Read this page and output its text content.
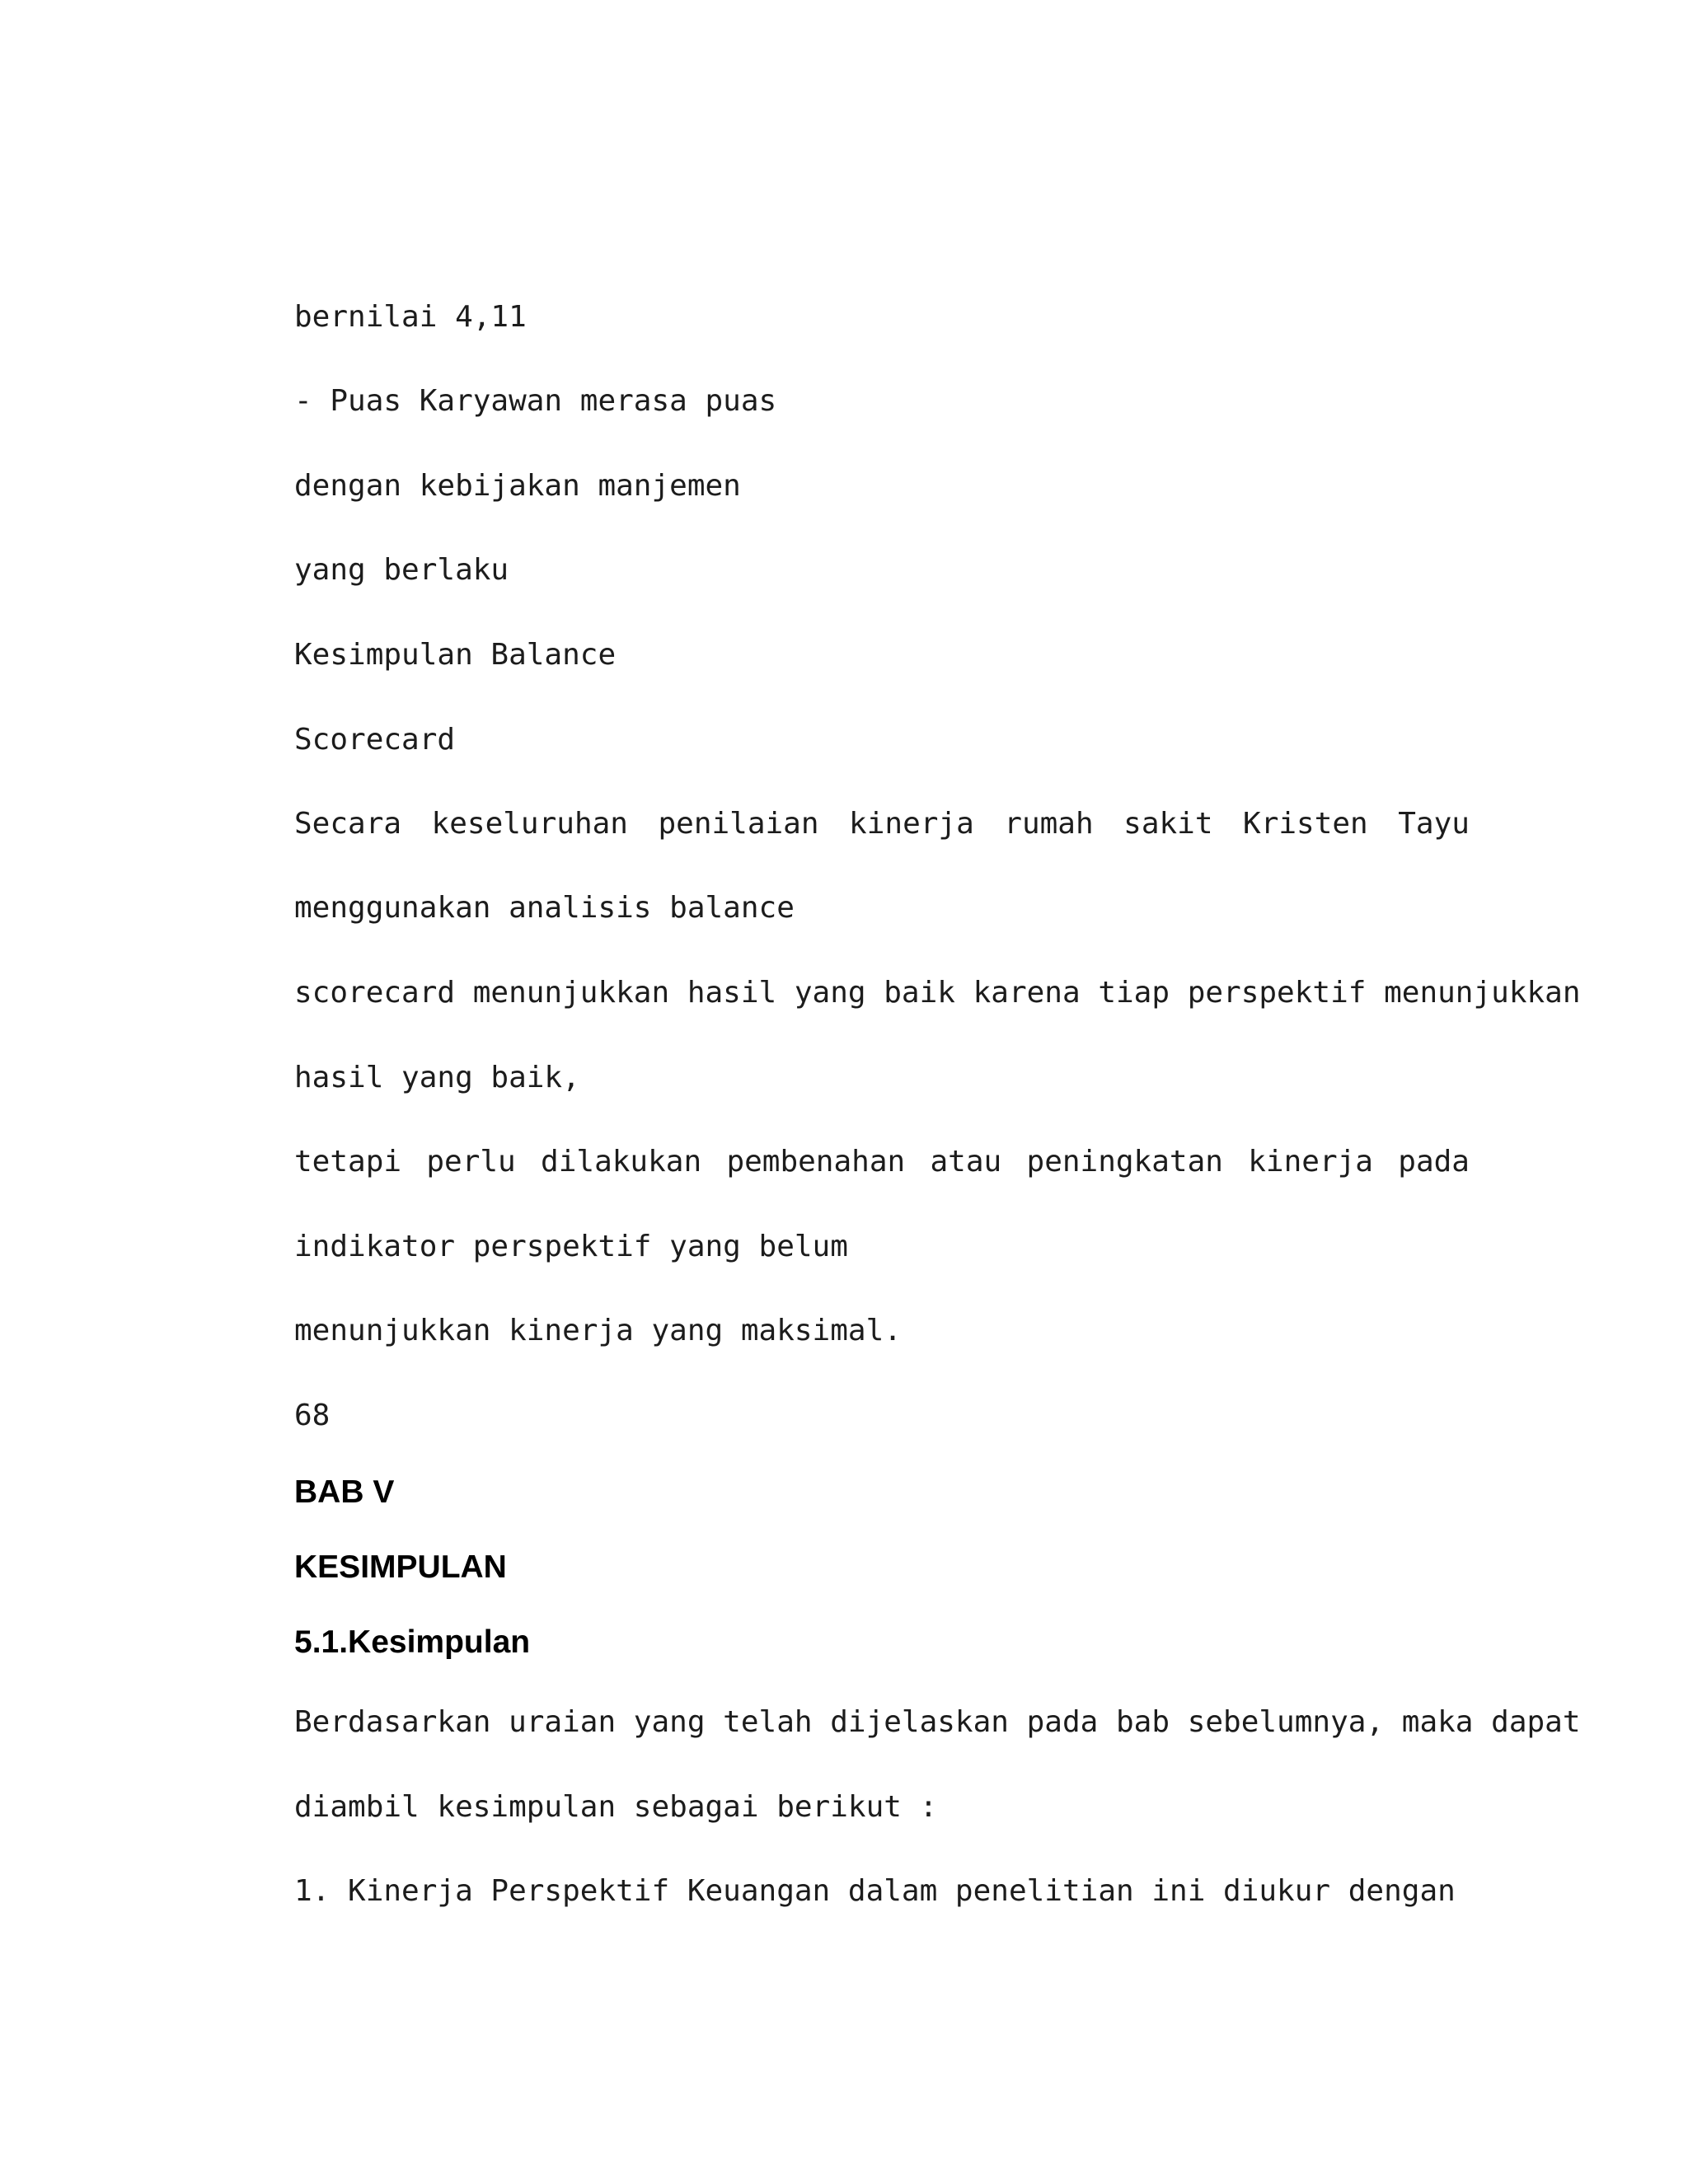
bernilai 4,11

- Puas Karyawan merasa puas

dengan kebijakan manjemen

yang berlaku

Kesimpulan Balance

Scorecard

Secara keseluruhan penilaian kinerja rumah sakit Kristen Tayu

menggunakan analisis balance

scorecard menunjukkan hasil yang baik karena tiap perspektif menunjukkan

hasil yang baik,

tetapi perlu dilakukan pembenahan atau peningkatan kinerja pada

indikator perspektif yang belum

menunjukkan kinerja yang maksimal.

68

BAB V
KESIMPULAN
5.1.Kesimpulan

Berdasarkan uraian yang telah dijelaskan pada bab sebelumnya, maka dapat

diambil kesimpulan sebagai berikut :

1. Kinerja Perspektif Keuangan dalam penelitian ini diukur dengan
